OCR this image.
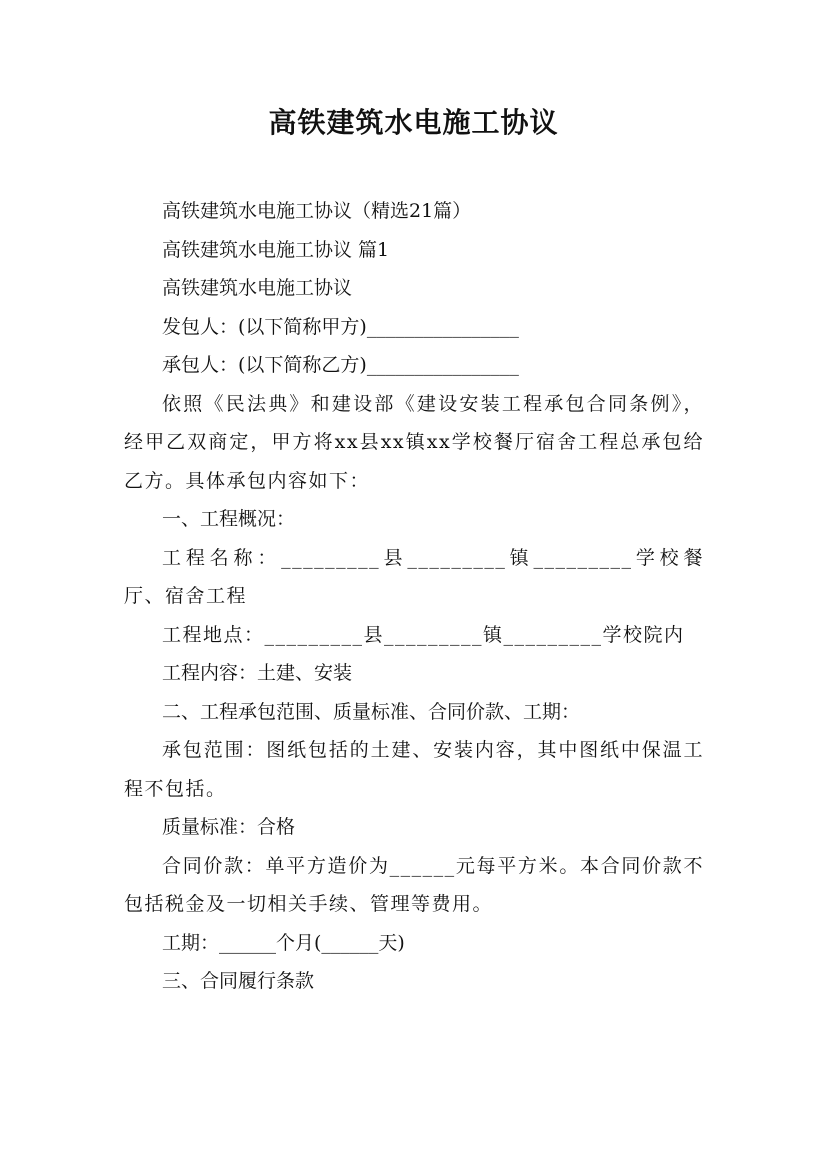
高铁建筑水电施工协议

高铁建筑水电施工协议（精选21篇）

高铁建筑水电施工协议 篇1

高铁建筑水电施工协议

发包人：(以下简称甲方)________________

承包人：(以下简称乙方)________________

依照《民法典》和建设部《建设安装工程承包合同条例》，经甲乙双商定，甲方将xx县xx镇xx学校餐厅宿舍工程总承包给乙方。具体承包内容如下：

一、工程概况：

工程名称：_________县_________镇_________学校餐厅、宿舍工程

工程地点：_________县_________镇_________学校院内

工程内容：土建、安装

二、工程承包范围、质量标准、合同价款、工期：

承包范围：图纸包括的土建、安装内容，其中图纸中保温工程不包括。

质量标准：合格

合同价款：单平方造价为______元每平方米。本合同价款不包括税金及一切相关手续、管理等费用。

工期：______个月(______天)

三、合同履行条款
